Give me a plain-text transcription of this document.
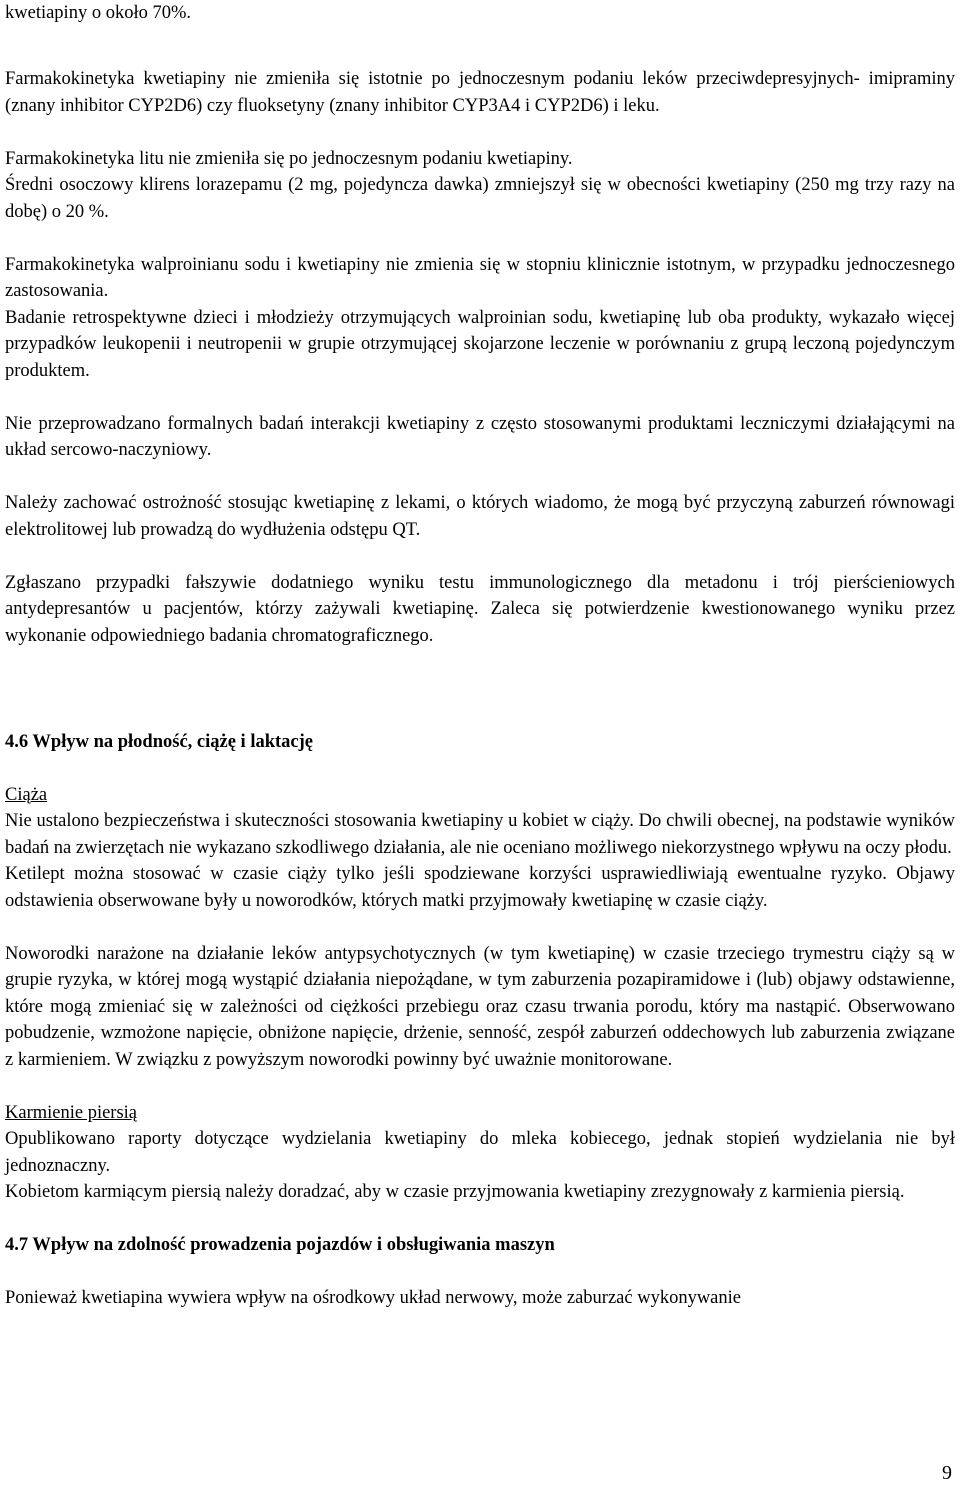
kwetiapiny o około 70%.

Farmakokinetyka kwetiapiny nie zmieniła się istotnie po jednoczesnym podaniu leków przeciwdepresyjnych- imipraminy (znany inhibitor CYP2D6) czy fluoksetyny (znany inhibitor CYP3A4 i CYP2D6) i leku.

Farmakokinetyka litu nie zmieniła się po jednoczesnym podaniu kwetiapiny.

Średni osoczowy klirens lorazepamu (2 mg, pojedyncza dawka) zmniejszył się w obecności kwetiapiny (250 mg trzy razy na dobę) o 20 %.

Farmakokinetyka walproinianu sodu i kwetiapiny nie zmienia się w stopniu klinicznie istotnym, w przypadku jednoczesnego zastosowania.

Badanie retrospektywne dzieci i młodzieży otrzymujących walproinian sodu, kwetiapinę lub oba produkty, wykazało więcej przypadków leukopenii i neutropenii w grupie otrzymującej skojarzone leczenie w porównaniu z grupą leczoną pojedynczym produktem.

Nie przeprowadzano formalnych badań interakcji kwetiapiny z często stosowanymi produktami leczniczymi działającymi na układ sercowo-naczyniowy.

Należy zachować ostrożność stosując kwetiapinę z lekami, o których wiadomo, że mogą być przyczyną zaburzeń równowagi elektrolitowej lub prowadzą do wydłużenia odstępu QT.

Zgłaszano przypadki fałszywie dodatniego wyniku testu immunologicznego dla metadonu i trój pierścieniowych antydepresantów u pacjentów, którzy zażywali kwetiapinę. Zaleca się potwierdzenie kwestionowanego wyniku przez wykonanie odpowiedniego badania chromatograficznego.

4.6 Wpływ na płodność, ciążę i laktację

Ciąża

Nie ustalono bezpieczeństwa i skuteczności stosowania kwetiapiny u kobiet w ciąży. Do chwili obecnej, na podstawie wyników badań na zwierzętach nie wykazano szkodliwego działania, ale nie oceniano możliwego niekorzystnego wpływu na oczy płodu.

Ketilept można stosować w czasie ciąży tylko jeśli spodziewane korzyści usprawiedliwiają ewentualne ryzyko. Objawy odstawienia obserwowane były u noworodków, których matki przyjmowały kwetiapinę w czasie ciąży.

Noworodki narażone na działanie leków antypsychotycznych (w tym kwetiapinę) w czasie trzeciego trymestru ciąży są w grupie ryzyka, w której mogą wystąpić działania niepożądane, w tym zaburzenia pozapiramidowe i (lub) objawy odstawienne, które mogą zmieniać się w zależności od ciężkości przebiegu oraz czasu trwania porodu, który ma nastąpić. Obserwowano pobudzenie, wzmożone napięcie, obniżone napięcie, drżenie, senność, zespół zaburzeń oddechowych lub zaburzenia związane z karmieniem. W związku z powyższym noworodki powinny być uważnie monitorowane.

Karmienie piersią

Opublikowano raporty dotyczące wydzielania kwetiapiny do mleka kobiecego, jednak stopień wydzielania nie był jednoznaczny.

Kobietom karmiącym piersią należy doradzać, aby w czasie przyjmowania kwetiapiny zrezygnowały z karmienia piersią.

4.7 Wpływ na zdolność prowadzenia pojazdów i obsługiwania maszyn

Ponieważ kwetiapina wywiera wpływ na ośrodkowy układ nerwowy, może zaburzać wykonywanie

9
